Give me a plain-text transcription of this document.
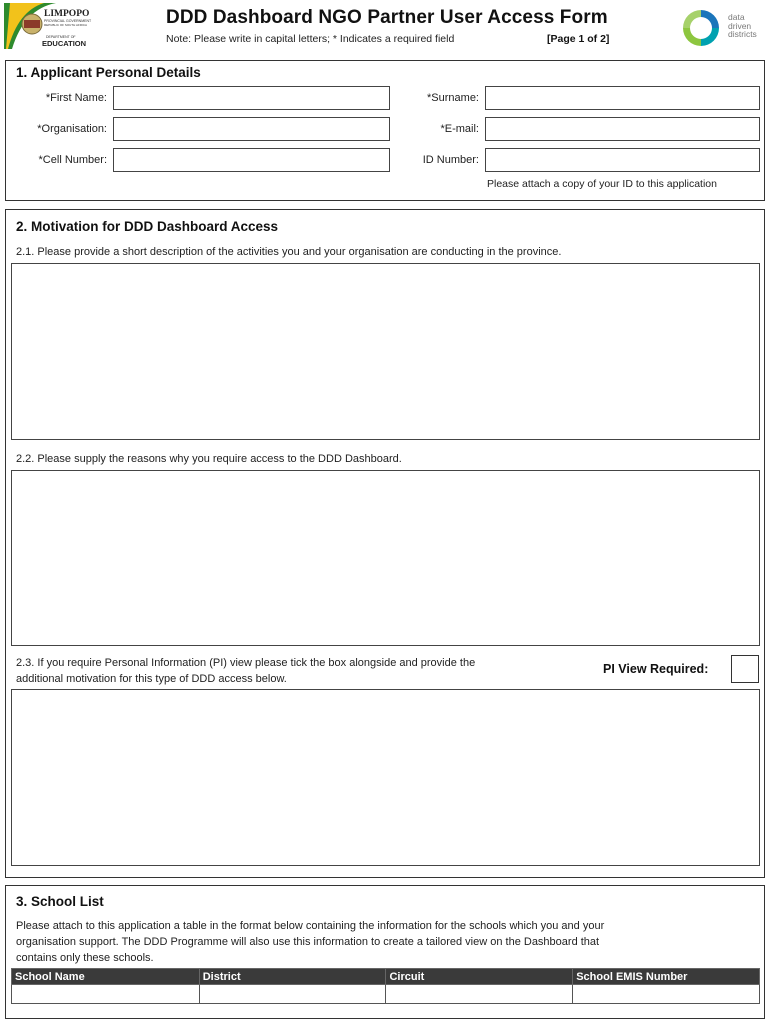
LIMPOPO
PROVINCIAL GOVERNMENT
REPUBLIC OF SOUTH AFRICA
DEPARTMENT OF
EDUCATION
DDD Dashboard NGO Partner User Access Form
Note: Please write in capital letters; * Indicates a required field	[Page 1 of 2]
data
driven
districts
1. Applicant Personal Details
*First Name:	*Surname:
*Organisation:	*E-mail:
*Cell Number:	ID Number:
Please attach a copy of your ID to this application
2. Motivation for DDD Dashboard Access
2.1. Please provide a short description of the activities you and your organisation are conducting in the province.
2.2. Please supply the reasons why you require access to the DDD Dashboard.
2.3. If you require Personal Information (PI) view please tick the box alongside and provide the
additional motivation for this type of DDD access below.
PI View Required:
3. School List
Please attach to this application a table in the format below containing the information for the schools which you and your
organisation support. The DDD Programme will also use this information to create a tailored view on the Dashboard that
contains only these schools.
School Name	District	Circuit	School EMIS Number
